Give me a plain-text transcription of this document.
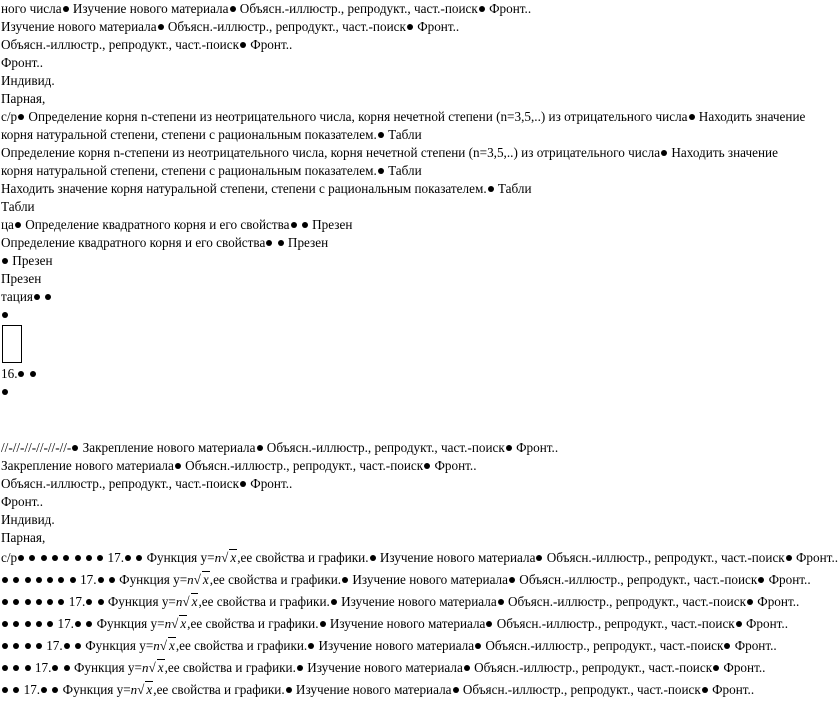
ного числа Изучение нового материала Объясн.-иллюстр., репродукт., част.-поиск Фронт..
Изучение нового материала Объясн.-иллюстр., репродукт., част.-поиск Фронт..
Объясн.-иллюстр., репродукт., част.-поиск Фронт..
Фронт..
Индивид.
Парная,
с/р Определение корня n-степени из неотрицательного числа, корня нечетной степени (n=3,5,..) из отрицательного числа Находить значение корня натуральной степени, степени с рациональным показателем. Табли
Определение корня n-степени из неотрицательного числа, корня нечетной степени (n=3,5,..) из отрицательного числа Находить значение корня натуральной степени, степени с рациональным показателем. Табли
Находить значение корня натуральной степени, степени с рациональным показателем. Табли
Табли
ца Определение квадратного корня и его свойства Презен
Определение квадратного корня и его свойства Презен
Презен
Презен
тация
16.
//-//-//-//-//-//- Закрепление нового материала Объясн.-иллюстр., репродукт., част.-поиск Фронт..
Закрепление нового материала Объясн.-иллюстр., репродукт., част.-поиск Фронт..
Объясн.-иллюстр., репродукт., част.-поиск Фронт..
Фронт..
Индивид.
Парная,
с/р	17. Функция y=n√ x,ее свойства и графики. Изучение нового материала Объясн.-иллюстр., репродукт., част.-поиск Фронт..
17. Функция y=n√ x,ее свойства и графики. Изучение нового материала Объясн.-иллюстр., репродукт., част.-поиск Фронт..
17. Функция y=n√ x,ее свойства и графики. Изучение нового материала Объясн.-иллюстр., репродукт., част.-поиск Фронт..
17. Функция y=n√ x,ее свойства и графики. Изучение нового материала Объясн.-иллюстр., репродукт., част.-поиск Фронт..
17. Функция y=n√ x,ее свойства и графики. Изучение нового материала Объясн.-иллюстр., репродукт., част.-поиск Фронт..
17. Функция y=n√ x,ее свойства и графики. Изучение нового материала Объясн.-иллюстр., репродукт., част.-поиск Фронт..
17. Функция y=n√ x,ее свойства и графики. Изучение нового материала Объясн.-иллюстр., репродукт., част.-поиск Фронт..
